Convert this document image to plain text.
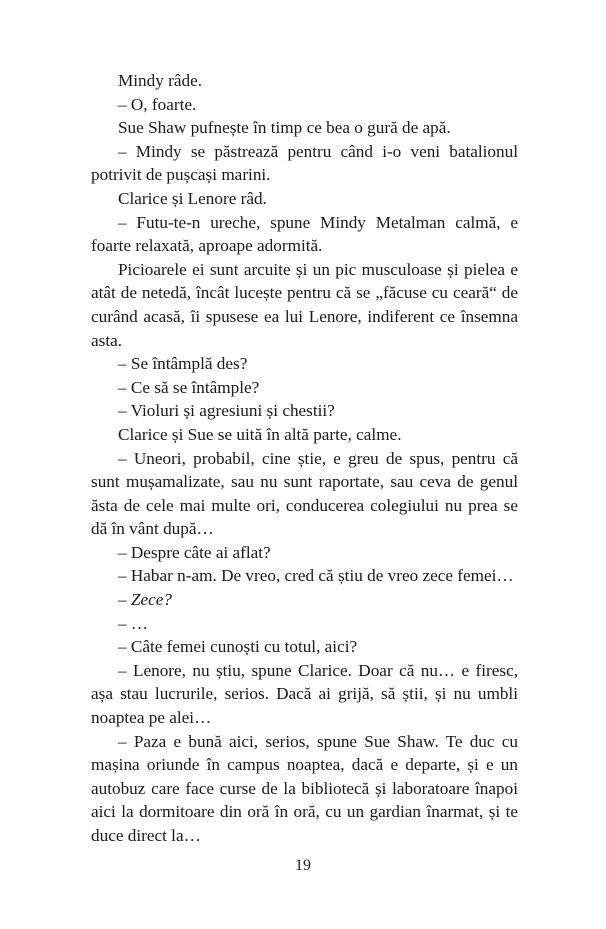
Mindy râde.

– O, foarte.

Sue Shaw pufnește în timp ce bea o gură de apă.

– Mindy se păstrează pentru când i-o veni batalionul potrivit de pușcași marini.

Clarice și Lenore râd.

– Futu-te-n ureche, spune Mindy Metalman calmă, e foarte relaxată, aproape adormită.

Picioarele ei sunt arcuite și un pic musculoase și pielea e atât de netedă, încât lucește pentru că se „făcuse cu ceară“ de curând acasă, îi spusese ea lui Lenore, indiferent ce însemna asta.

– Se întâmplă des?

– Ce să se întâmple?

– Violuri și agresiuni și chestii?

Clarice și Sue se uită în altă parte, calme.

– Uneori, probabil, cine știe, e greu de spus, pentru că sunt mușamalizate, sau nu sunt raportate, sau ceva de genul ăsta de cele mai multe ori, conducerea colegiului nu prea se dă în vânt după…

– Despre câte ai aflat?

– Habar n-am. De vreo, cred că știu de vreo zece femei…

– Zece?

– …

– Câte femei cunoști cu totul, aici?

– Lenore, nu știu, spune Clarice. Doar că nu… e firesc, așa stau lucrurile, serios. Dacă ai grijă, să știi, și nu umbli noaptea pe alei…

– Paza e bună aici, serios, spune Sue Shaw. Te duc cu mașina oriunde în campus noaptea, dacă e departe, și e un autobuz care face curse de la bibliotecă și laboratoare înapoi aici la dormitoare din oră în oră, cu un gardian înarmat, și te duce direct la…

19
